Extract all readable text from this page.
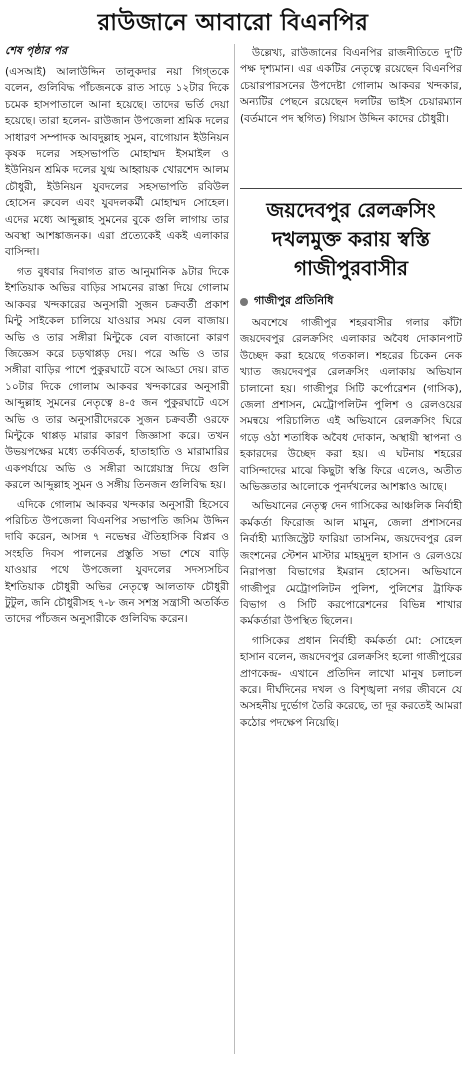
রাউজানে আবারো বিএনপির
শেষ পৃষ্ঠার পর

(এসআই) আলাউদ্দিন তালুকদার নয়া গিগ্তকে বলেন, গুলিবিদ্ধ পাঁচজনকে রাত সাড়ে ১২টার দিকে চমেক হাসপাতালে আনা হয়েছে। তাদের ভর্তি দেয়া হয়েছে। তারা হলেন- রাউজান উপজেলা শ্রমিক দলের সাধারণ সম্পাদক আবদুল্লাহ সুমন, বাগোয়ান ইউনিয়ন কৃষক দলের সহসভাপতি মোহাম্মদ ইসমাইল ও ইউনিয়ন শ্রমিক দলের যুগ্ম আহ্বায়ক খোরশেদ আলম চৌধুরী, ইউনিয়ন যুবদলের সহসভাপতি রবিউল হোসেন রুবেল এবং যুবদলকর্মী মোহাম্মদ সোহেল। এদের মধ্যে আব্দুল্লাহ সুমনের বুকে গুলি লাগায় তার অবস্থা আশঙ্কাজনক। এরা প্রত্যেকেই একই এলাকার বাসিন্দা।

গত বুধবার দিবাগত রাত আনুমানিক ৯টার দিকে ইশতিয়াক অভির বাড়ির সামনের রাস্তা দিয়ে গোলাম আকবর খন্দকারের অনুসারী সুজন চক্রবর্তী প্রকাশ মিন্টু সাইকেল চালিয়ে যাওয়ার সময় বেল বাজায়। অভি ও তার সঙ্গীরা মিন্টুকে বেল বাজানো কারণ জিজ্ঞেস করে চড়থাপ্পড় দেয়। পরে অভি ও তার সঙ্গীরা বাড়ির পাশে পুকুরঘাটে বসে আড্ডা দেয়। রাত ১০টার দিকে গোলাম আকবর খন্দকারের অনুসারী আব্দুল্লাহ সুমনের নেতৃত্বে ৪-৫ জন পুকুরঘাটে এসে অভি ও তার অনুসারীদেরকে সুজন চক্রবর্তী ওরফে মিন্টুকে থাপ্পড় মারার কারণ জিজ্ঞাসা করে। তখন উভয়পক্ষের মধ্যে তর্কবিতর্ক, হাতাহাতি ও মারামারির একপর্যায়ে অভি ও সঙ্গীরা আগ্নেয়াস্ত্র দিয়ে গুলি করলে আব্দুল্লাহ সুমন ও সঙ্গীয় তিনজন গুলিবিদ্ধ হয়।

এদিকে গোলাম আকবর খন্দকার অনুসারী হিসেবে পরিচিত উপজেলা বিএনপির সভাপতি জসিম উদ্দিন দাবি করেন, আসন্ন ৭ নভেম্বর ঐতিহাসিক বিপ্লব ও সংহতি দিবস পালনের প্রস্তুতি সভা শেষে বাড়ি যাওয়ার পথে উপজেলা যুবদলের সদস্যসচিব ইশতিয়াক চৌধুরী অভির নেতৃত্বে আলতাফ চৌধুরী টুটুল, জনি চৌধুরীসহ ৭-৮ জন সশস্ত্র সন্ত্রাসী অতর্কিত তাদের পাঁচজন অনুসারীকে গুলিবিদ্ধ করেন।

উল্লেখ্য, রাউজানের বিএনপির রাজনীতিতে দু'টি পক্ষ দৃশ্যমান। এর একটির নেতৃত্বে রয়েছেন বিএনপির চেয়ারপারসনের উপদেষ্টা গোলাম আকবর খন্দকার, অন্যটির পেছনে রয়েছেন দলটির ভাইস চেয়ারম্যান (বর্তমানে পদ স্থগিত) গিয়াস উদ্দিন কাদের চৌধুরী।

জয়দেবপুর রেলক্রসিং দখলমুক্ত করায় স্বস্তি গাজীপুরবাসীর
গাজীপুর প্রতিনিধি

অবশেষে গাজীপুর শহরবাসীর গলার কাঁটা জয়দেবপুর রেলক্রসিং এলাকার অবৈধ দোকানপাট উচ্ছেদ করা হয়েছে গতকাল। শহরের চিকেন নেক খ্যাত জয়দেবপুর রেলক্রসিং এলাকায় অভিযান চালানো হয়। গাজীপুর সিটি কর্পোরেশন (গাসিক), জেলা প্রশাসন, মেট্রোপলিটন পুলিশ ও রেলওয়ের সমন্বয়ে পরিচালিত এই অভিযানে রেলক্রসিং ঘিরে গড়ে ওঠা শতাধিক অবৈধ দোকান, অস্থায়ী স্থাপনা ও হকারদের উচ্ছেদ করা হয়। এ ঘটনায় শহরের বাসিন্দাদের মাঝে কিছুটা স্বস্তি ফিরে এলেও, অতীত অভিজ্ঞতার আলোকে পুনর্দখলের আশঙ্কাও আছে।

অভিযানের নেতৃত্ব দেন গাসিকের আঞ্চলিক নির্বাহী কর্মকর্তা ফিরোজ আল মামুন, জেলা প্রশাসনের নির্বাহী ম্যাজিস্ট্রেট ফারিয়া তাসনিম, জয়দেবপুর রেল জংশনের স্টেশন মাস্টার মাহমুদুল হাসান ও রেলওয়ে নিরাপত্তা বিভাগের ইমরান হোসেন। অভিযানে গাজীপুর মেট্রোপলিটন পুলিশ, পুলিশের ট্রাফিক বিভাগ ও সিটি করপোরেশনের বিভিন্ন শাখার কর্মকর্তারা উপস্থিত ছিলেন।

গাসিকের প্রধান নির্বাহী কর্মকর্তা মো: সোহেল হাসান বলেন, জয়দেবপুর রেলক্রসিং হলো গাজীপুরের প্রাণকেন্দ্র- এখানে প্রতিদিন লাখো মানুষ চলাচল করে। দীর্ঘদিনের দখল ও বিশৃঙ্খলা নগর জীবনে যে অসহনীয় দুর্ভোগ তৈরি করেছে, তা দূর করতেই আমরা কঠোর পদক্ষেপ নিয়েছি।
